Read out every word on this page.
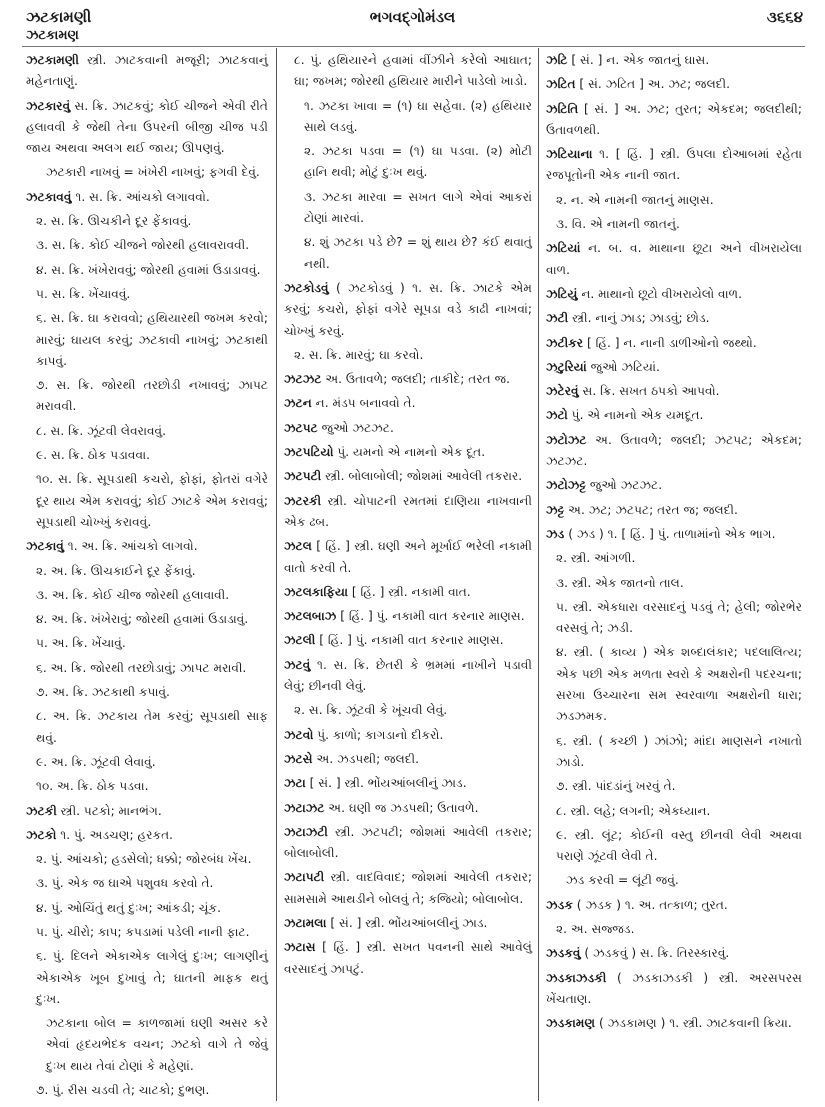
ઝટકામણી	ભગવદ્ગોમંડલ	૩૬૬૪
ઝટકામણ
ઝટકામણી સ્ત્રી. ઝાટકવાની મજૂરી; ઝાટકવાનું મહેનતાણું.
ઝટકારવું સ. ક્રિ. ઝાટકવું; કોઈ ચીજને એવી રીતે હલાવવી કે જેથી તેના ઉપરની બીજી ચીજ પડી જાય અથવા અલગ થઈ જાય; ઊપણવું.
ઝટકારી નાખવું = ખંખેરી નાખવું; ફગવી દેવું.
ઝટકાવવું ૧. સ. ક્રિ. આંચકો લગાવવો.
૨. સ. ક્રિ. ઊચકીને દૂર ફેંકાવવું.
૩. સ. ક્રિ. કોઈ ચીજને જોરથી હલાવરાવવી.
૪. સ. ક્રિ. ખંખેરાવવું; જોરથી હવામાં ઉડાડાવવું.
૫. સ. ક્રિ. ખેંચાવવું.
૬. સ. ક્રિ. ઘા કરાવવો; હથિયારથી જખમ કરવો; મારવું; ઘાયલ કરવું; ઝટકાવી નાખવું; ઝટકાથી કાપવું.
૭. સ. ક્રિ. જોરથી તરછોડી નખાવવું; ઝાપટ મરાવવી.
૮. સ. ક્રિ. ઝૂંટવી લેવરાવવું.
૯. સ. ક્રિ. ઠોક પડાવવા.
૧૦. સ. ક્રિ. સૂપડાથી કચરો, ફોફાં, ફોતરાં વગેરે દૂર થાય એમ કરાવવું; કોઈ ઝાટકે એમ કરાવવું; સૂપડાથી ચોખ્ખું કરાવવું.
ઝટકાવું ૧. અ. ક્રિ. આંચકો લાગવો.
૨. અ. ક્રિ. ઊચકાઈને દૂર ફેંકાવું.
૩. અ. ક્રિ. કોઈ ચીજ જોરથી હલાવાવી.
૪. અ. ક્રિ. ખંખેરાવું; જોરથી હવામાં ઉડાડાવું.
૫. અ. ક્રિ. ખેંચાવું.
૬. અ. ક્રિ. જોરથી તરછોડાવું; ઝાપટ મરાવી.
૭. અ. ક્રિ. ઝટકાથી કપાવું.
૮. અ. ક્રિ. ઝટકાય તેમ કરવું; સૂપડાથી સાફ થવું.
૯. અ. ક્રિ. ઝૂંટવી લેવાવું.
૧૦. અ. ક્રિ. ઠોક પડવા.
ઝટકી સ્ત્રી. પટકો; માનભંગ.
ઝટકો ૧. પું. અડચણ; હરકત.
૨. પું. આંચકો; હડસેલો; ધક્કો; જોરબંધ ખેંચ.
૩. પું. એક જ ઘાએ પશુવધ કરવો તે.
૪. પું. ઓચિંતું થતું દુઃખ; આંકડી; ચૂંક.
૫. પું. ચીરો; કાપ; કપડામાં પડેલી નાની ફાટ.
૬. પું. દિલને એકાએક લાગેલું દુઃખ; લાગણીનું એકાએક ખૂબ દુખાવું તે; ઘાતની માફક થતું દુઃખ.
ઝટકાના બોલ = કાળજામાં ઘણી અસર કરે એવાં હૃદયભેદક વચન; ઝટકો વાગે તે જેવું દુઃખ થાય તેવાં ટોણાં કે મહેણાં.
૭. પું. રીસ ચડવી તે; ચાટકો; દુભણ.
૮. પું. હથિયારને હવામાં વીંઝીને કરેલો આઘાત; ઘા; જખમ; જોરથી હથિયાર મારીને પાડેલો ખાડો.
૧. ઝટકા ખાવા = (૧) ઘા સહેવા. (૨) હથિયાર સાથે લડવું.
૨. ઝટકા પડવા = (૧) ઘા પડવા. (૨) મોટી હાનિ થવી; મોટું દુઃખ થવું.
૩. ઝટકા મારવા = સખત લાગે એવાં આકરાં ટોણાં મારવાં.
૪. શું ઝટકા પડે છે? = શું થાય છે? કંઈ થવાતું નથી.
ઝટકોડવું ( ઝટકોડવું ) ૧. સ. ક્રિ. ઝાટકે એમ કરવું; કચરો, ફોફાં વગેરે સૂપડા વડે કાઢી નાખવાં; ચોખ્ખું કરવું.
૨. સ. ક્રિ. મારવું; ઘા કરવો.
ઝટઝટ અ. ઉતાવળે; જલદી; તાકીદે; તરત જ.
ઝટન ન. મંડપ બનાવવો તે.
ઝટપટ જુઓ ઝટઝટ.
ઝટપટિયો પું. યમનો એ નામનો એક દૂત.
ઝટપટી સ્ત્રી. બોલાબોલી; જોશમાં આવેલી તકરાર.
ઝટરકી સ્ત્રી. ચોપાટની રમતમાં દાણિયા નાખવાની એક ઢબ.
ઝટલ [ હિં. ] સ્ત્રી. ઘણી અને મૂર્ખાઈ ભરેલી નકામી વાતો કરવી તે.
ઝટલકાફિયા [ હિં. ] સ્ત્રી. નકામી વાત.
ઝટલબાઝ [ હિં. ] પું. નકામી વાત કરનાર માણસ.
ઝટલી [ હિં. ] પું. નકામી વાત કરનાર માણસ.
ઝટવું ૧. સ. ક્રિ. છેતરી કે ભ્રમમાં નાખીને પડાવી લેવું; છીનવી લેવું.
૨. સ. ક્રિ. ઝૂંટવી કે ખૂંચવી લેવું.
ઝટવો પું. કાળો; કાગડાનો દીકરો.
ઝટસે અ. ઝડપથી; જલદી.
ઝટા [ સં. ] સ્ત્રી. ભોંયઆંબલીનું ઝાડ.
ઝટાઝટ અ. ઘણી જ ઝડપથી; ઉતાવળે.
ઝટાઝટી સ્ત્રી. ઝટપટી; જોશમાં આવેલી તકરાર; બોલાબોલી.
ઝટાપટી સ્ત્રી. વાદવિવાદ; જોશમાં આવેલી તકરાર; સામસામે આથડીને બોલવું તે; કજિયો; બોલાબોલ.
ઝટામલા [ સં. ] સ્ત્રી. ભોંયઆંબલીનું ઝાડ.
ઝટાસ [ હિં. ] સ્ત્રી. સખત પવનની સાથે આવેલું વરસાદનું ઝાપટું.
ઝટિ [ સં. ] ન. એક જાતનું ઘાસ.
ઝટિત [ સં. ઝટિત ] અ. ઝટ; જલદી.
ઝટિતિ [ સં. ] અ. ઝટ; તુરત; એકદમ; જલદીથી; ઉતાવળથી.
ઝટિયાના ૧. [ હિં. ] સ્ત્રી. ઉપલા દોઆબમાં રહેતા રજપૂતોની એક નાની જાત.
૨. ન. એ નામની જાતનું માણસ.
૩. વિ. એ નામની જાતનું.
ઝટિયાં ન. બ. વ. માથાના છૂટા અને વીખરાયેલા વાળ.
ઝટિયું ન. માથાનો છૂટો વીખરાયેલો વાળ.
ઝટી સ્ત્રી. નાનું ઝાડ; ઝાડવું; છોડ.
ઝટીકર [ હિં. ] ન. નાની ડાળીઓનો જથ્થો.
ઝટુરિયાં જુઓ ઝટિયાં.
ઝટેરવું સ. ક્રિ. સખત ઠપકો આપવો.
ઝટો પું. એ નામનો એક યમદૂત.
ઝટોઝટ અ. ઉતાવળે; જલદી; ઝટપટ; એકદમ; ઝટઝટ.
ઝટોઝટ્ટ જુઓ ઝટઝટ.
ઝટ્ટ અ. ઝટ; ઝટપટ; તરત જ; જલદી.
ઝડ ( ઝડ ) ૧. [ હિં. ] પું. તાળામાંનો એક ભાગ.
૨. સ્ત્રી. આંગળી.
૩. સ્ત્રી. એક જાતનો તાલ.
૫. સ્ત્રી. એકધારા વરસાદનું પડવું તે; હેલી; જોરભેર વરસવું તે; ઝડી.
૪. સ્ત્રી. ( કાવ્ય ) એક શબ્દાલંકાર; પદલાલિત્ય; એક પછી એક મળતા સ્વરો કે અક્ષરોની પદરચના; સરખા ઉચ્ચારના સમ સ્વરવાળા અક્ષરોની ધારા; ઝડઝમક.
૬. સ્ત્રી. ( કચ્છી ) ઝાંઝો; માંદા માણસને નખાતો ઝાડો.
૭. સ્ત્રી. પાંદડાંનું ખરવું તે.
૮. સ્ત્રી. લહે; લગની; એકધ્યાન.
૯. સ્ત્રી. લૂંટ; કોઈની વસ્તુ છીનવી લેવી અથવા પરાણે ઝૂંટવી લેવી તે.
ઝડ કરવી = લૂંટી જવું.
ઝડક ( ઝડક ) ૧. અ. તત્કાળ; તુરત.
૨. અ. સજ્જડ.
ઝડકવું ( ઝડકવું ) સ. ક્રિ. તિરસ્કારવું.
ઝડકાઝડકી ( ઝડકાઝડકી ) સ્ત્રી. અરસપરસ ખેંચતાણ.
ઝડકામણ ( ઝડકામણ ) ૧. સ્ત્રી. ઝાટકવાની ક્રિયા.
